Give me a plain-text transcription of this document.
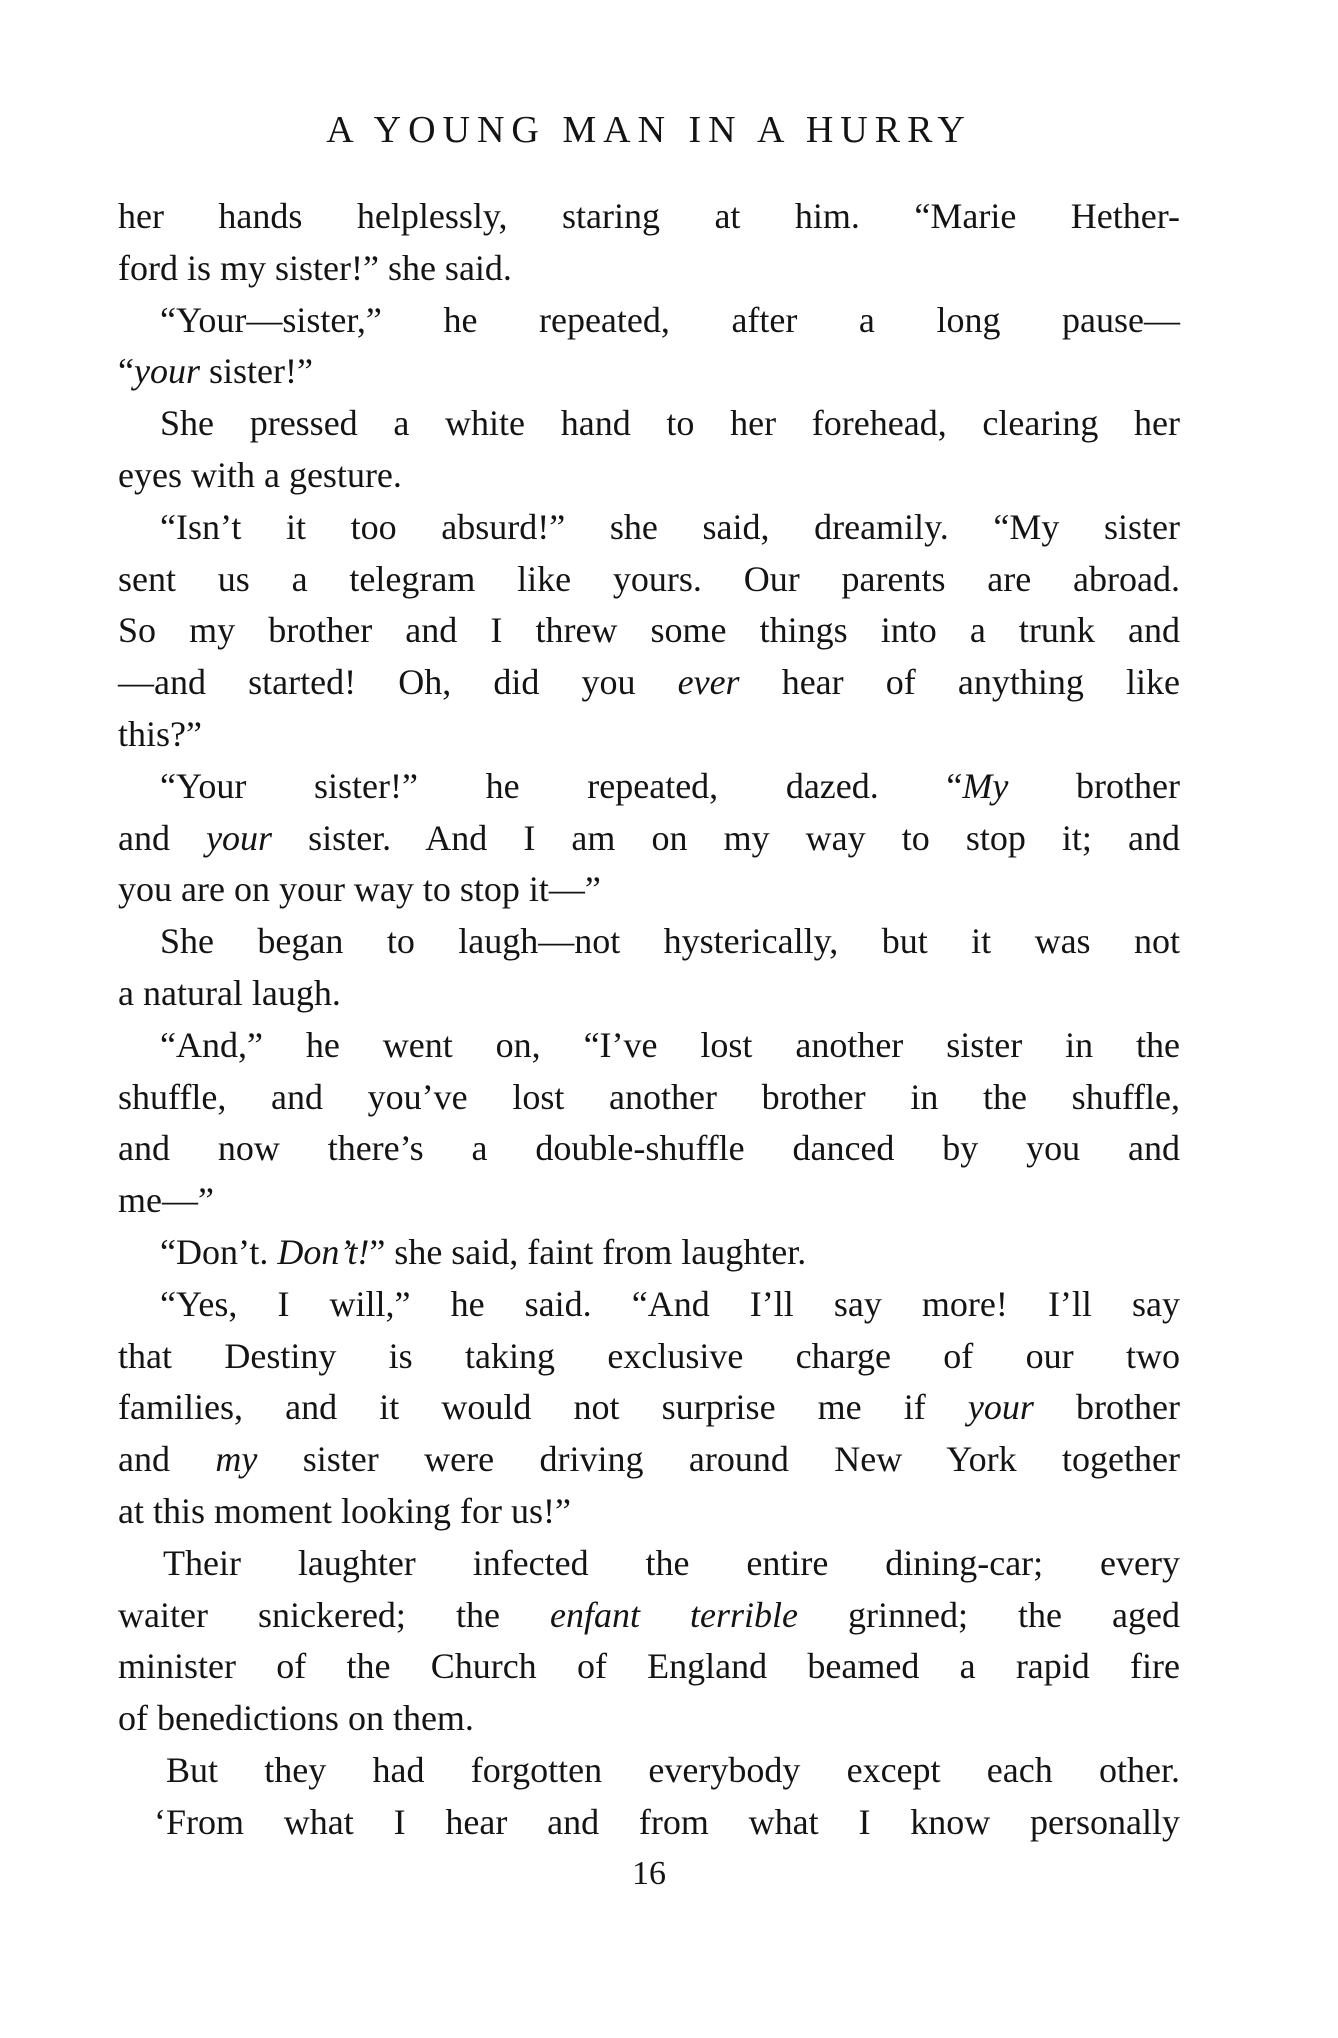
A YOUNG MAN IN A HURRY
her hands helplessly, staring at him. “Marie Hether-
ford is my sister!” she said.
“Your—sister,” he repeated, after a long pause—
“your sister!”
She pressed a white hand to her forehead, clearing her
eyes with a gesture.
“Isn’t it too absurd!” she said, dreamily. “My sister
sent us a telegram like yours. Our parents are abroad.
So my brother and I threw some things into a trunk and
—and started! Oh, did you ever hear of anything like
this?”
“Your sister!” he repeated, dazed. “My brother
and your sister. And I am on my way to stop it; and
you are on your way to stop it—”
She began to laugh—not hysterically, but it was not
a natural laugh.
“And,” he went on, “I’ve lost another sister in the
shuffle, and you’ve lost another brother in the shuffle,
and now there’s a double-shuffle danced by you and
me—”
“Don’t. Don’t!” she said, faint from laughter.
“Yes, I will,” he said. “And I’ll say more! I’ll say
that Destiny is taking exclusive charge of our two
families, and it would not surprise me if your brother
and my sister were driving around New York together
at this moment looking for us!”
Their laughter infected the entire dining-car; every
waiter snickered; the enfant terrible grinned; the aged
minister of the Church of England beamed a rapid fire
of benedictions on them.
But they had forgotten everybody except each other.
‘From what I hear and from what I know personally
16
